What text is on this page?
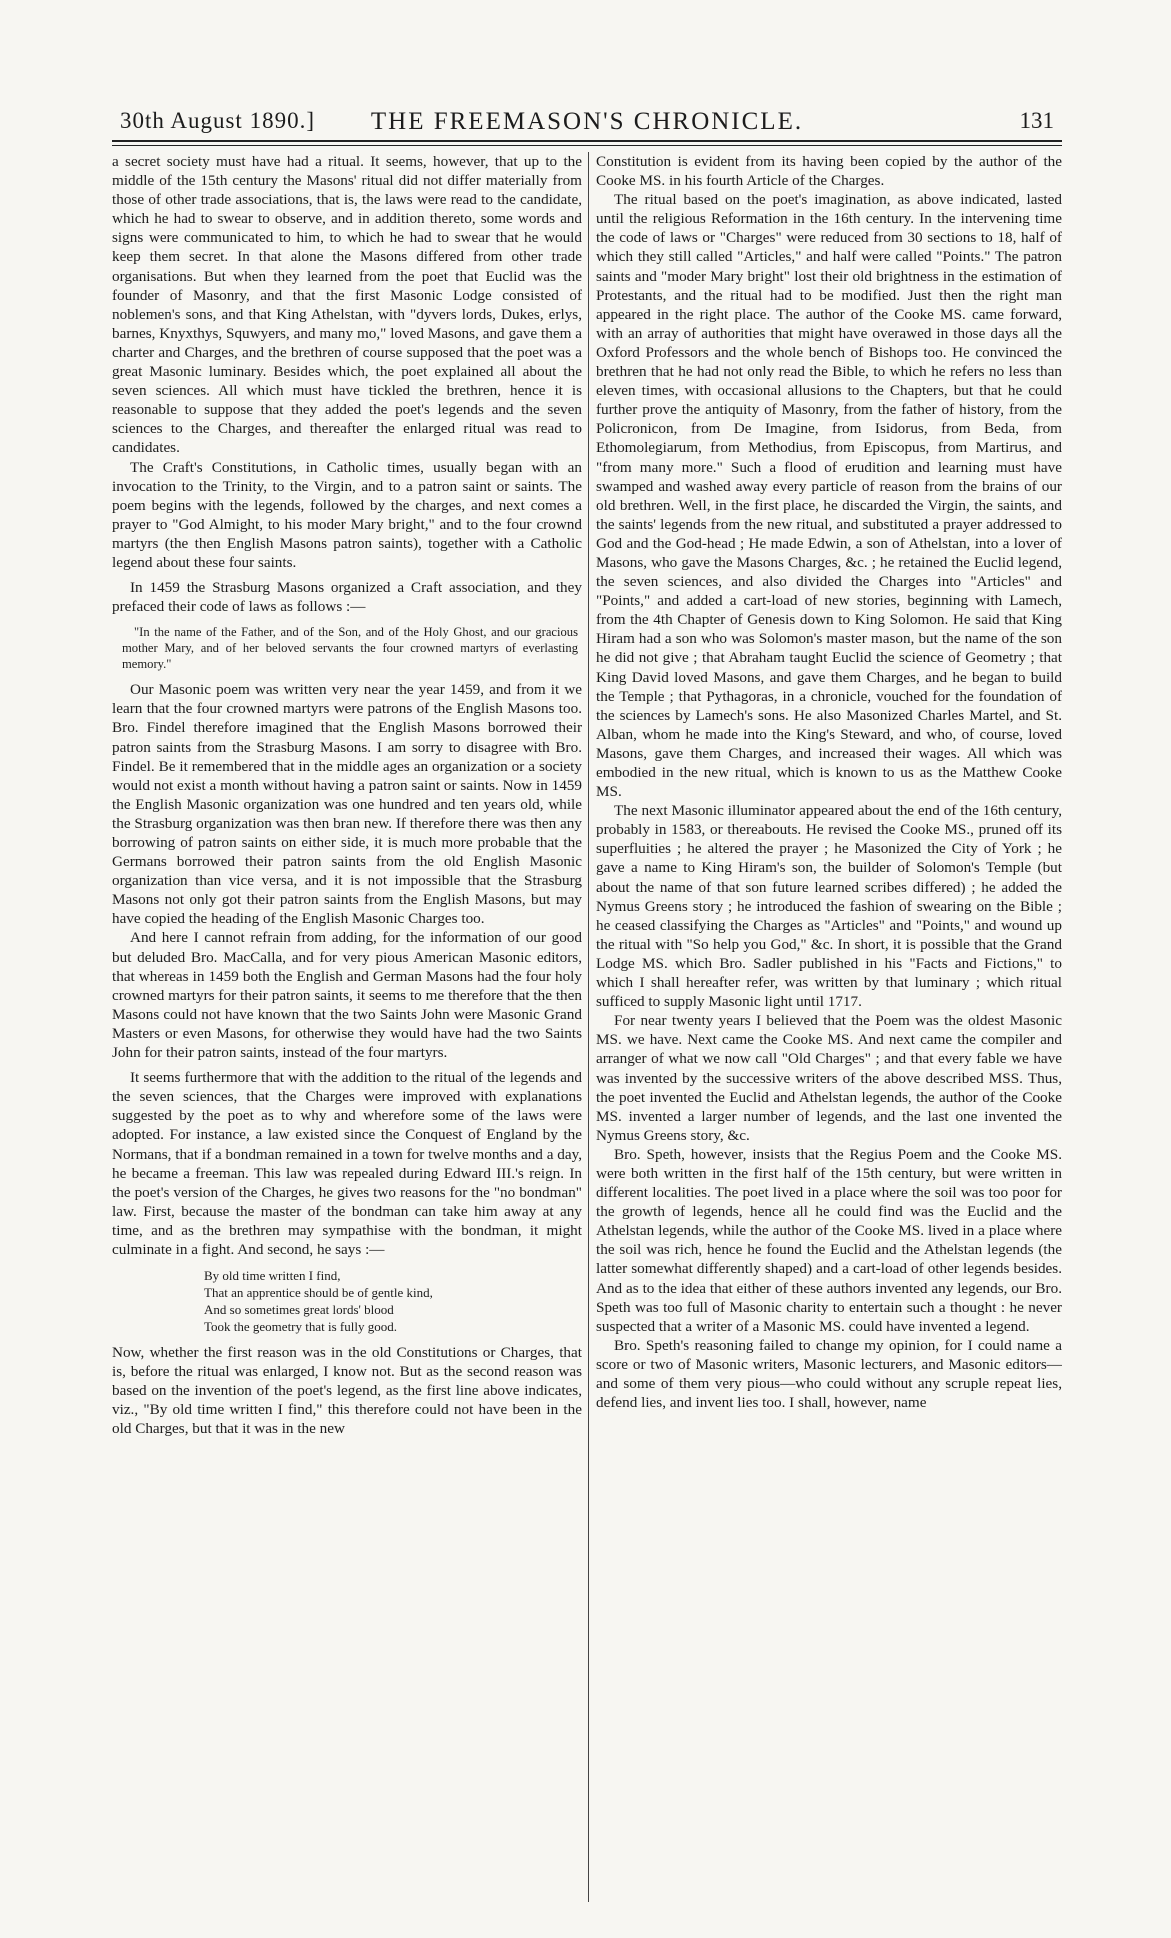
30th August 1890.]	THE FREEMASON'S CHRONICLE.	131

a secret society must have had a ritual. It seems, however, that up to the middle of the 15th century the Masons' ritual did not differ materially from those of other trade associations, that is, the laws were read to the candidate, which he had to swear to observe, and in addition thereto, some words and signs were communicated to him, to which he had to swear that he would keep them secret. In that alone the Masons differed from other trade organisations. But when they learned from the poet that Euclid was the founder of Masonry, and that the first Masonic Lodge consisted of noblemen's sons, and that King Athelstan, with "dyvers lords, Dukes, erlys, barnes, Knyxthys, Squwyers, and many mo," loved Masons, and gave them a charter and Charges, and the brethren of course supposed that the poet was a great Masonic luminary. Besides which, the poet explained all about the seven sciences. All which must have tickled the brethren, hence it is reasonable to suppose that they added the poet's legends and the seven sciences to the Charges, and thereafter the enlarged ritual was read to candidates.

The Craft's Constitutions, in Catholic times, usually began with an invocation to the Trinity, to the Virgin, and to a patron saint or saints. The poem begins with the legends, followed by the charges, and next comes a prayer to "God Almight, to his moder Mary bright," and to the four crownd martyrs (the then English Masons patron saints), together with a Catholic legend about these four saints.

In 1459 the Strasburg Masons organized a Craft association, and they prefaced their code of laws as follows :—

"In the name of the Father, and of the Son, and of the Holy Ghost, and our gracious mother Mary, and of her beloved servants the four crowned martyrs of everlasting memory."

Our Masonic poem was written very near the year 1459, and from it we learn that the four crowned martyrs were patrons of the English Masons too. Bro. Findel therefore imagined that the English Masons borrowed their patron saints from the Strasburg Masons. I am sorry to disagree with Bro. Findel. Be it remembered that in the middle ages an organization or a society would not exist a month without having a patron saint or saints. Now in 1459 the English Masonic organization was one hundred and ten years old, while the Strasburg organization was then bran new. If therefore there was then any borrowing of patron saints on either side, it is much more probable that the Germans borrowed their patron saints from the old English Masonic organization than vice versa, and it is not impossible that the Strasburg Masons not only got their patron saints from the English Masons, but may have copied the heading of the English Masonic Charges too.

And here I cannot refrain from adding, for the information of our good but deluded Bro. MacCalla, and for very pious American Masonic editors, that whereas in 1459 both the English and German Masons had the four holy crowned martyrs for their patron saints, it seems to me therefore that the then Masons could not have known that the two Saints John were Masonic Grand Masters or even Masons, for otherwise they would have had the two Saints John for their patron saints, instead of the four martyrs.

It seems furthermore that with the addition to the ritual of the legends and the seven sciences, that the Charges were improved with explanations suggested by the poet as to why and wherefore some of the laws were adopted. For instance, a law existed since the Conquest of England by the Normans, that if a bondman remained in a town for twelve months and a day, he became a freeman. This law was repealed during Edward III.'s reign. In the poet's version of the Charges, he gives two reasons for the "no bondman" law. First, because the master of the bondman can take him away at any time, and as the brethren may sympathise with the bondman, it might culminate in a fight. And second, he says :—

By old time written I find,
That an apprentice should be of gentle kind,
And so sometimes great lords' blood
Took the geometry that is fully good.

Now, whether the first reason was in the old Constitutions or Charges, that is, before the ritual was enlarged, I know not. But as the second reason was based on the invention of the poet's legend, as the first line above indicates, viz., "By old time written I find," this therefore could not have been in the old Charges, but that it was in the new

Constitution is evident from its having been copied by the author of the Cooke MS. in his fourth Article of the Charges.

The ritual based on the poet's imagination, as above indicated, lasted until the religious Reformation in the 16th century. In the intervening time the code of laws or "Charges" were reduced from 30 sections to 18, half of which they still called "Articles," and half were called "Points." The patron saints and "moder Mary bright" lost their old brightness in the estimation of Protestants, and the ritual had to be modified. Just then the right man appeared in the right place. The author of the Cooke MS. came forward, with an array of authorities that might have overawed in those days all the Oxford Professors and the whole bench of Bishops too. He convinced the brethren that he had not only read the Bible, to which he refers no less than eleven times, with occasional allusions to the Chapters, but that he could further prove the antiquity of Masonry, from the father of history, from the Policronicon, from De Imagine, from Isidorus, from Beda, from Ethomolegiarum, from Methodius, from Episcopus, from Martirus, and "from many more." Such a flood of erudition and learning must have swamped and washed away every particle of reason from the brains of our old brethren. Well, in the first place, he discarded the Virgin, the saints, and the saints' legends from the new ritual, and substituted a prayer addressed to God and the God-head ; He made Edwin, a son of Athelstan, into a lover of Masons, who gave the Masons Charges, &c. ; he retained the Euclid legend, the seven sciences, and also divided the Charges into "Articles" and "Points," and added a cart-load of new stories, beginning with Lamech, from the 4th Chapter of Genesis down to King Solomon. He said that King Hiram had a son who was Solomon's master mason, but the name of the son he did not give ; that Abraham taught Euclid the science of Geometry ; that King David loved Masons, and gave them Charges, and he began to build the Temple ; that Pythagoras, in a chronicle, vouched for the foundation of the sciences by Lamech's sons. He also Masonized Charles Martel, and St. Alban, whom he made into the King's Steward, and who, of course, loved Masons, gave them Charges, and increased their wages. All which was embodied in the new ritual, which is known to us as the Matthew Cooke MS.

The next Masonic illuminator appeared about the end of the 16th century, probably in 1583, or thereabouts. He revised the Cooke MS., pruned off its superfluities ; he altered the prayer ; he Masonized the City of York ; he gave a name to King Hiram's son, the builder of Solomon's Temple (but about the name of that son future learned scribes differed) ; he added the Nymus Greens story ; he introduced the fashion of swearing on the Bible ; he ceased classifying the Charges as "Articles" and "Points," and wound up the ritual with "So help you God," &c. In short, it is possible that the Grand Lodge MS. which Bro. Sadler published in his "Facts and Fictions," to which I shall hereafter refer, was written by that luminary ; which ritual sufficed to supply Masonic light until 1717.

For near twenty years I believed that the Poem was the oldest Masonic MS. we have. Next came the Cooke MS. And next came the compiler and arranger of what we now call "Old Charges" ; and that every fable we have was invented by the successive writers of the above described MSS. Thus, the poet invented the Euclid and Athelstan legends, the author of the Cooke MS. invented a larger number of legends, and the last one invented the Nymus Greens story, &c.

Bro. Speth, however, insists that the Regius Poem and the Cooke MS. were both written in the first half of the 15th century, but were written in different localities. The poet lived in a place where the soil was too poor for the growth of legends, hence all he could find was the Euclid and the Athelstan legends, while the author of the Cooke MS. lived in a place where the soil was rich, hence he found the Euclid and the Athelstan legends (the latter somewhat differently shaped) and a cart-load of other legends besides. And as to the idea that either of these authors invented any legends, our Bro. Speth was too full of Masonic charity to entertain such a thought : he never suspected that a writer of a Masonic MS. could have invented a legend.

Bro. Speth's reasoning failed to change my opinion, for I could name a score or two of Masonic writers, Masonic lecturers, and Masonic editors—and some of them very pious—who could without any scruple repeat lies, defend lies, and invent lies too. I shall, however, name
